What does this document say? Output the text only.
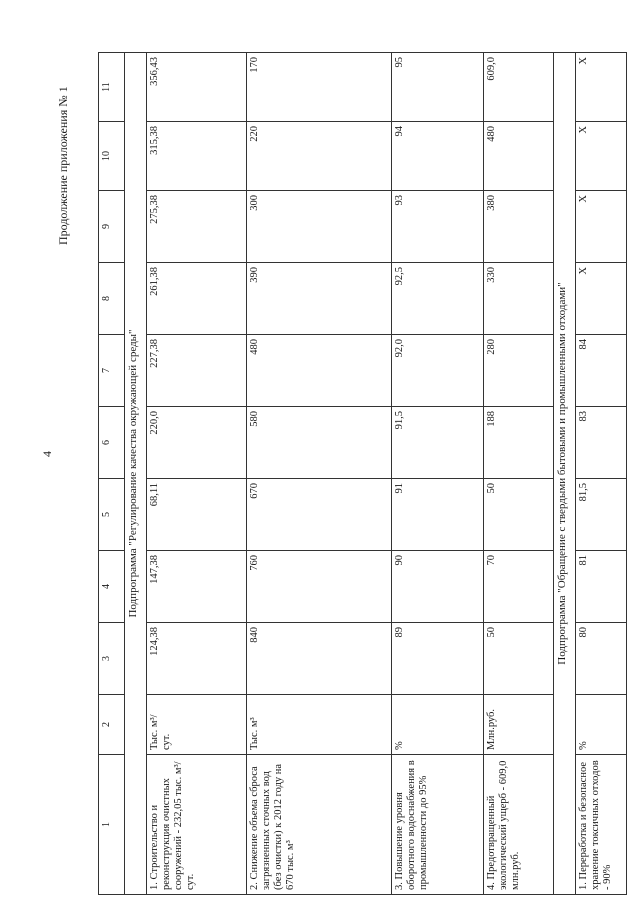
4
Продолжение приложения № 1
1	2	3	4	5	6	7	8	9	10	11
Подпрограмма "Регулирование качества окружающей среды"										
1. Строительство и реконструкция очистных сооружений - 232,05 тыс. м³/сут.	Тыс. м³/сут.	124,38	147,38	68,11	220,0	227,38	261,38	275,38	315,38	356,43
2. Снижение объема сброса загрязненных сточных вод (без очистки) к 2012 году на 670 тыс. м³	Тыс. м³	840	760	670	580	480	390	300	220	170
3. Повышение уровня оборотного водоснабжения в промышленности до 95%	%	89	90	91	91,5	92,0	92,5	93	94	95
4. Предотвращенный экологический ущерб - 609,0 млн.руб.	Млн.руб.	50	70	50	188	280	330	380	480	609,0
Подпрограмма "Обращение с твердыми бытовыми и промышленными отходами"										
1. Переработка и безопасное хранение токсичных отходов - 90%	%	80	81	81,5	83	84	Х	Х	Х	Х
